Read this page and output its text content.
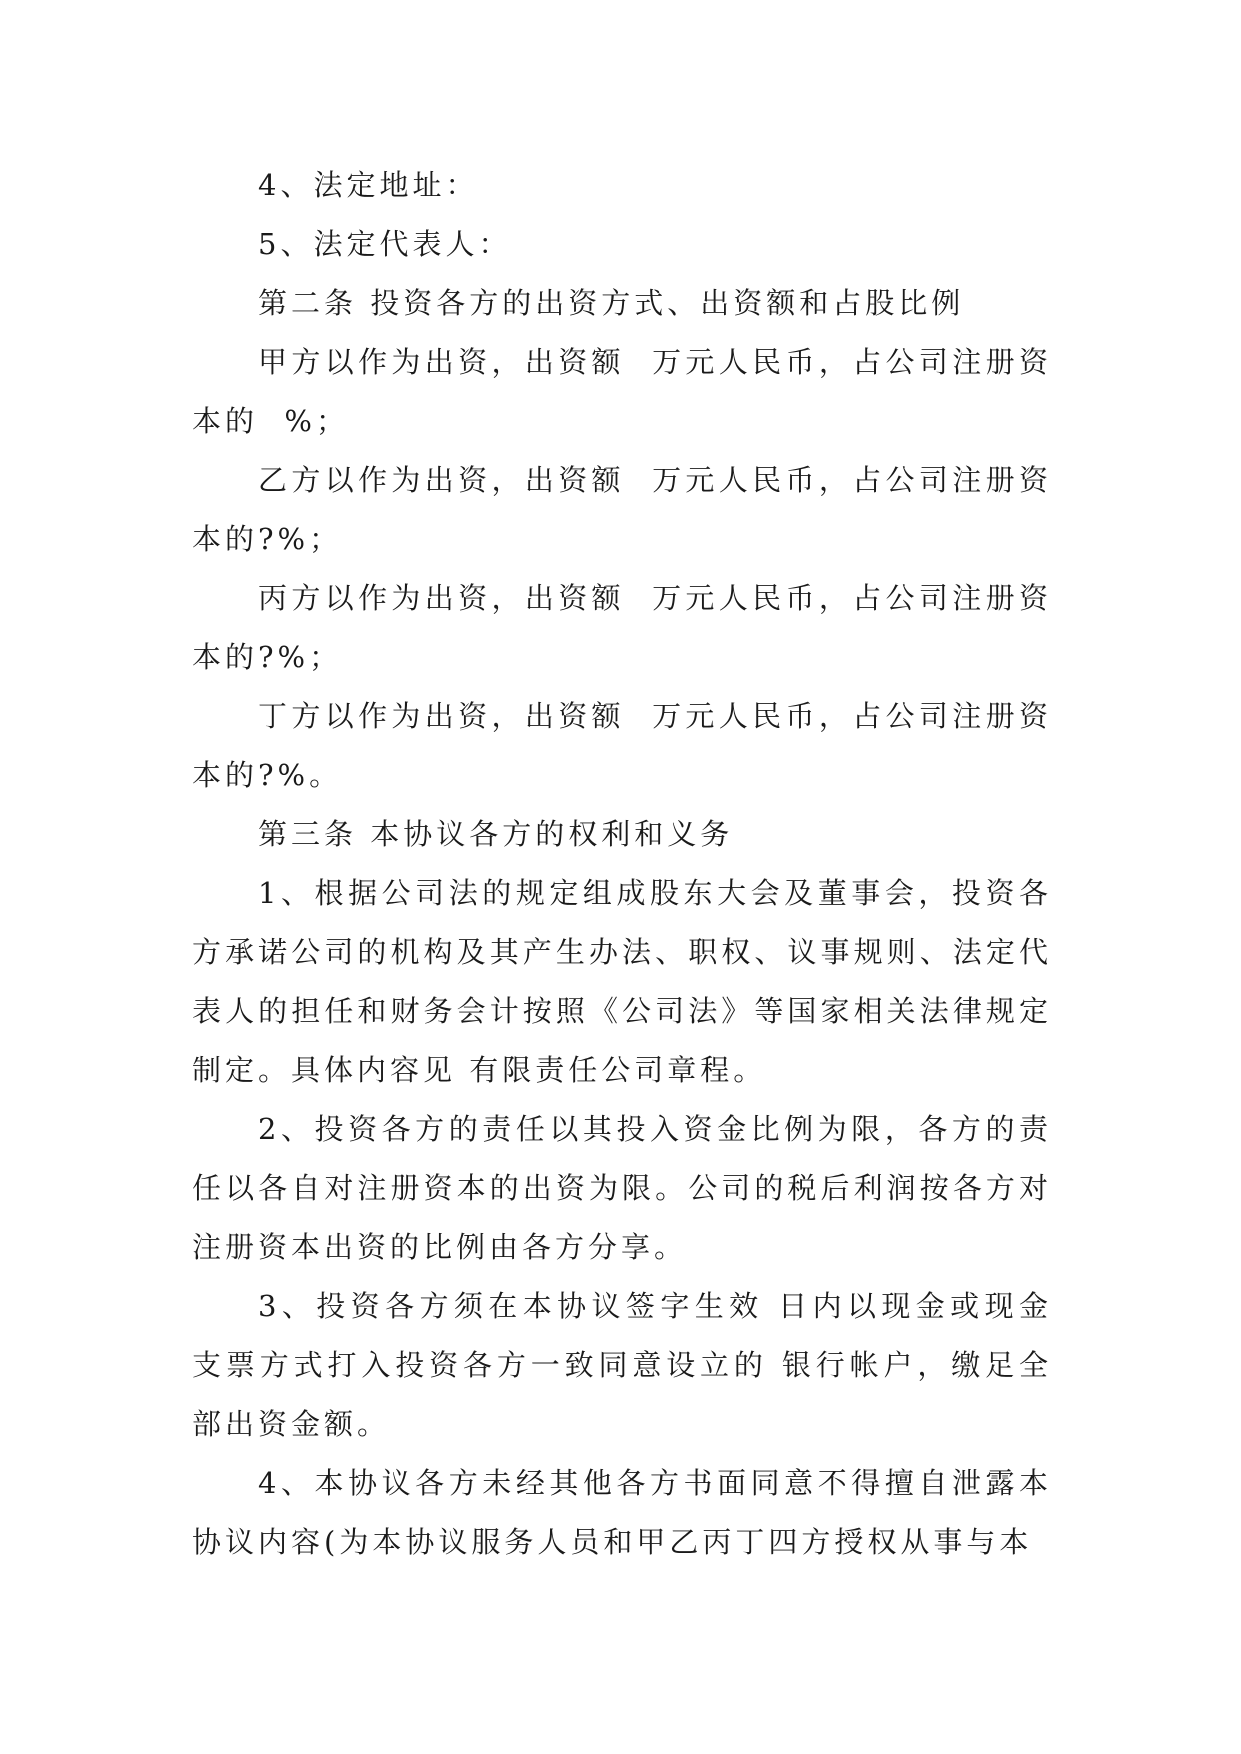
4、法定地址：

5、法定代表人：

第二条 投资各方的出资方式、出资额和占股比例

甲方以作为出资，出资额  万元人民币，占公司注册资本的  %；

乙方以作为出资，出资额  万元人民币，占公司注册资本的?%；

丙方以作为出资，出资额  万元人民币，占公司注册资本的?%；

丁方以作为出资，出资额  万元人民币，占公司注册资本的?%。

第三条 本协议各方的权利和义务

1、根据公司法的规定组成股东大会及董事会，投资各方承诺公司的机构及其产生办法、职权、议事规则、法定代表人的担任和财务会计按照《公司法》等国家相关法律规定制定。具体内容见 有限责任公司章程。

2、投资各方的责任以其投入资金比例为限，各方的责任以各自对注册资本的出资为限。公司的税后利润按各方对注册资本出资的比例由各方分享。

3、投资各方须在本协议签字生效 日内以现金或现金支票方式打入投资各方一致同意设立的 银行帐户，缴足全部出资金额。

4、本协议各方未经其他各方书面同意不得擅自泄露本协议内容(为本协议服务人员和甲乙丙丁四方授权从事与本
